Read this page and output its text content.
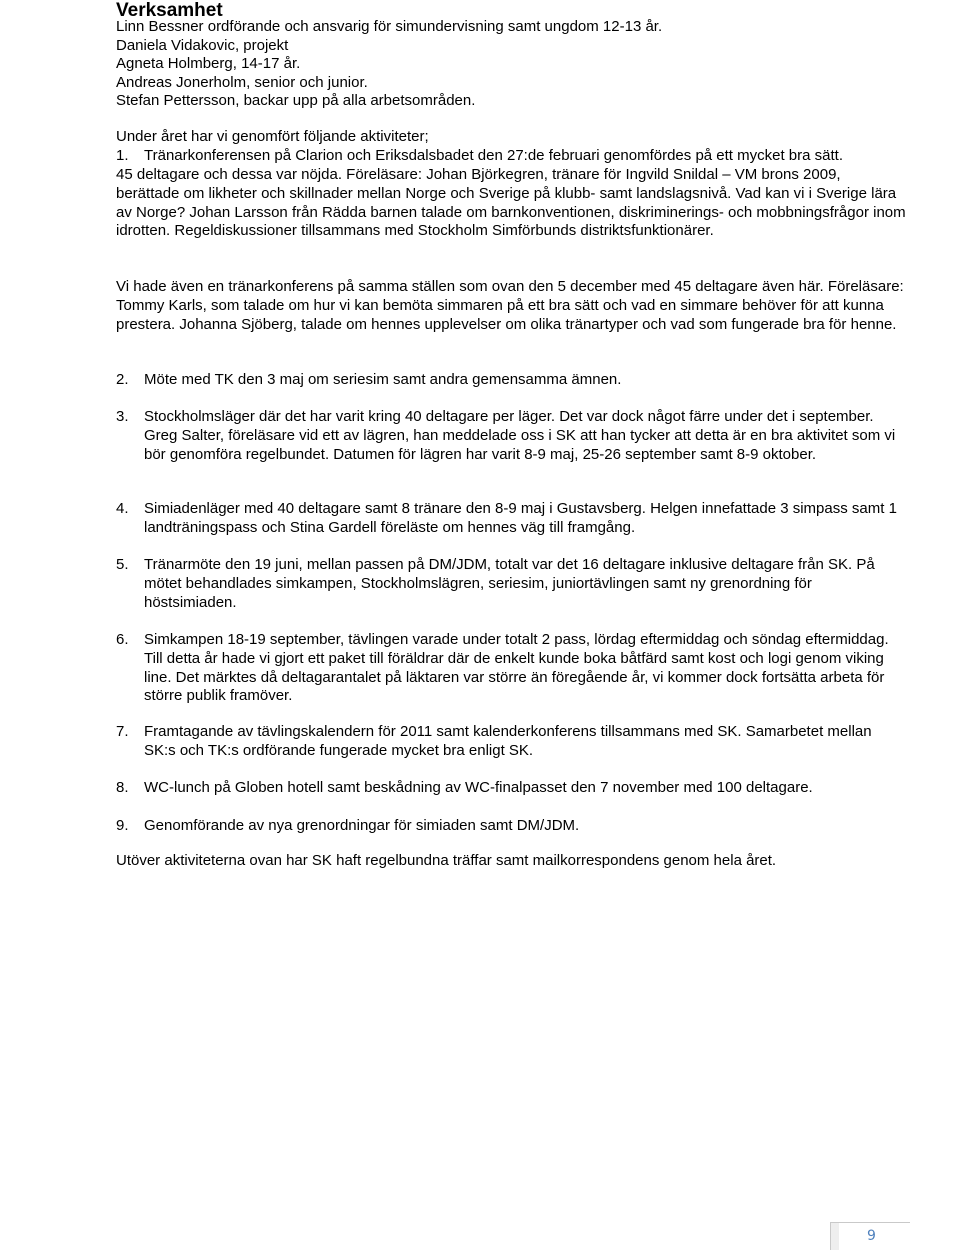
Verksamhet
Linn Bessner ordförande och ansvarig för simundervisning samt ungdom 12-13 år.
Daniela Vidakovic, projekt
Agneta Holmberg, 14-17 år.
Andreas Jonerholm, senior och junior.
Stefan Pettersson, backar upp på alla arbetsområden.

Under året har vi genomfört följande aktiviteter;

1.	Tränarkonferensen på Clarion och Eriksdalsbadet den 27:de februari genomfördes på ett mycket bra sätt.

45 deltagare och dessa var nöjda. Föreläsare: Johan Björkegren, tränare för Ingvild Snildal – VM brons 2009, berättade om likheter och skillnader mellan Norge och Sverige på klubb- samt landslagsnivå. Vad kan vi i Sverige lära av Norge? Johan Larsson från Rädda barnen talade om barnkonventionen, diskriminerings- och mobbningsfrågor inom idrotten. Regeldiskussioner tillsammans med Stockholm Simförbunds distriktsfunktionärer.

Vi hade även en tränarkonferens på samma ställen som ovan den 5 december med 45 deltagare även här. Föreläsare: Tommy Karls, som talade om hur vi kan bemöta simmaren på ett bra sätt och vad en simmare behöver för att kunna prestera. Johanna Sjöberg, talade om hennes upplevelser om olika tränartyper och vad som fungerade bra för henne.

2.	Möte med TK den 3 maj om seriesim samt andra gemensamma ämnen.
3.	Stockholmsläger där det har varit kring 40 deltagare per läger. Det var dock något färre under det i september. Greg Salter, föreläsare vid ett av lägren, han meddelade oss i SK att han tycker att detta är en bra aktivitet som vi bör genomföra regelbundet. Datumen för lägren har varit 8-9 maj, 25-26 september samt 8-9 oktober.
4.	Simiadenläger med 40 deltagare samt 8 tränare den 8-9 maj i Gustavsberg. Helgen innefattade 3 simpass samt 1 landträningspass och Stina Gardell föreläste om hennes väg till framgång.
5.	Tränarmöte den 19 juni, mellan passen på DM/JDM, totalt var det 16 deltagare inklusive deltagare från SK. På mötet behandlades simkampen, Stockholmslägren, seriesim, juniortävlingen samt ny grenordning för höstsimiaden.
6.	Simkampen 18-19 september, tävlingen varade under totalt 2 pass, lördag eftermiddag och söndag eftermiddag. Till detta år hade vi gjort ett paket till föräldrar där de enkelt kunde boka båtfärd samt kost och logi genom viking line. Det märktes då deltagarantalet på läktaren var större än föregående år, vi kommer dock fortsätta arbeta för större publik framöver.
7.	Framtagande av tävlingskalendern för 2011 samt kalenderkonferens tillsammans med SK. Samarbetet mellan SK:s och TK:s ordförande fungerade mycket bra enligt SK.
8.	WC-lunch på Globen hotell samt beskådning av WC-finalpasset den 7 november med 100 deltagare.
9.	Genomförande av nya grenordningar för simiaden samt DM/JDM.

Utöver aktiviteterna ovan har SK haft regelbundna träffar samt mailkorrespondens genom hela året.

9
